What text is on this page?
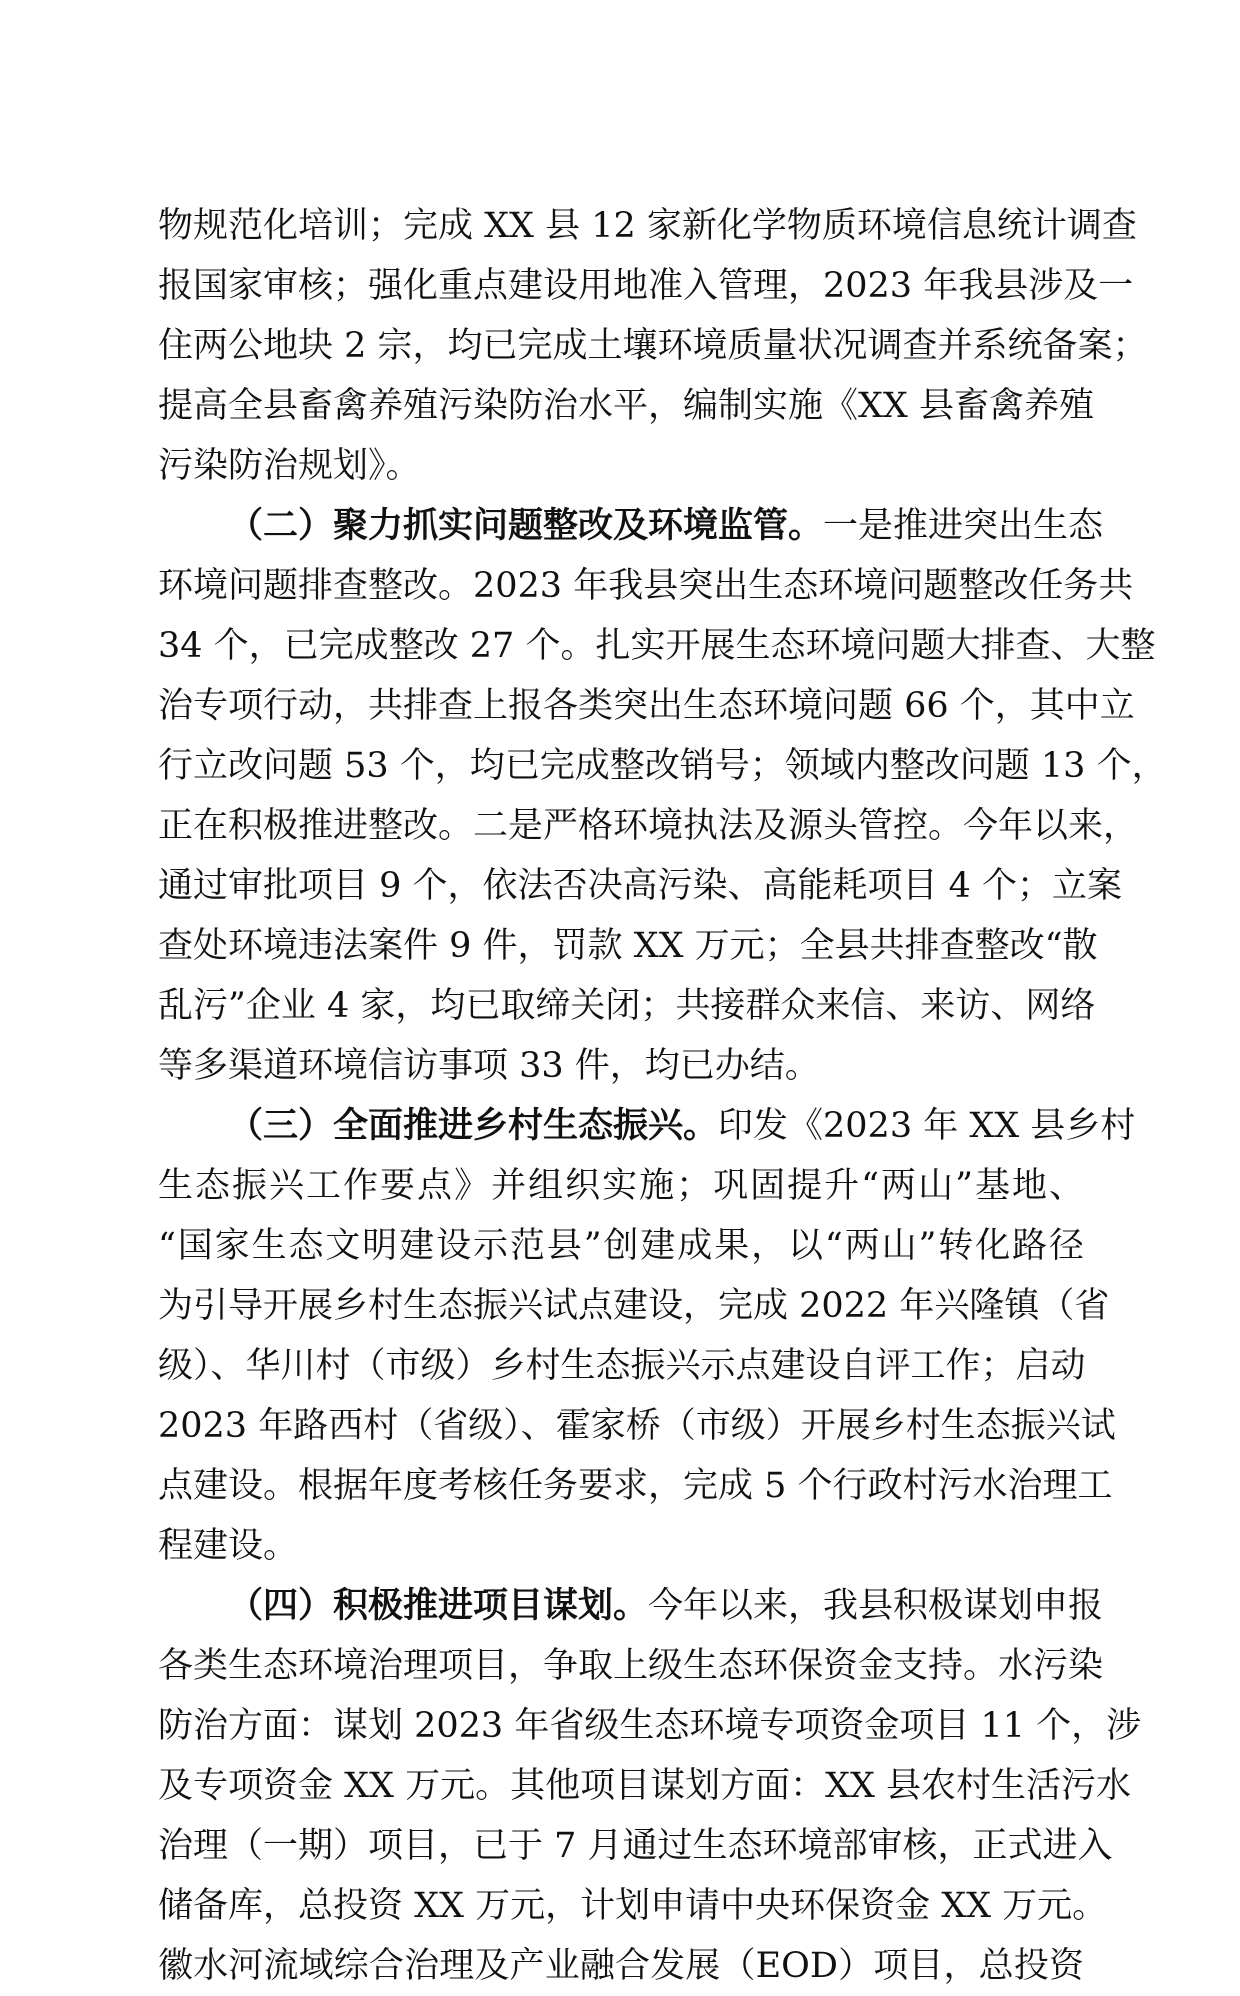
物规范化培训；完成 XX 县 12 家新化学物质环境信息统计调查
报国家审核；强化重点建设用地准入管理，2023 年我县涉及一
住两公地块 2 宗，均已完成土壤环境质量状况调查并系统备案；
提高全县畜禽养殖污染防治水平，编制实施《XX 县畜禽养殖
污染防治规划》。
（二）聚力抓实问题整改及环境监管。一是推进突出生态
环境问题排查整改。2023 年我县突出生态环境问题整改任务共
34 个，已完成整改 27 个。扎实开展生态环境问题大排查、大整
治专项行动，共排查上报各类突出生态环境问题 66 个，其中立
行立改问题 53 个，均已完成整改销号；领域内整改问题 13 个，
正在积极推进整改。二是严格环境执法及源头管控。今年以来，
通过审批项目 9 个，依法否决高污染、高能耗项目 4 个；立案
查处环境违法案件 9 件，罚款 XX 万元；全县共排查整改“散
乱污”企业 4 家，均已取缔关闭；共接群众来信、来访、网络
等多渠道环境信访事项 33 件，均已办结。
（三）全面推进乡村生态振兴。印发《2023 年 XX 县乡村
生态振兴工作要点》并组织实施；巩固提升“两山”基地、
“国家生态文明建设示范县”创建成果，以“两山”转化路径
为引导开展乡村生态振兴试点建设，完成 2022 年兴隆镇（省
级）、华川村（市级）乡村生态振兴示点建设自评工作；启动
2023 年路西村（省级）、霍家桥（市级）开展乡村生态振兴试
点建设。根据年度考核任务要求，完成 5 个行政村污水治理工
程建设。
（四）积极推进项目谋划。今年以来，我县积极谋划申报
各类生态环境治理项目，争取上级生态环保资金支持。水污染
防治方面：谋划 2023 年省级生态环境专项资金项目 11 个，涉
及专项资金 XX 万元。其他项目谋划方面：XX 县农村生活污水
治理（一期）项目，已于 7 月通过生态环境部审核，正式进入
储备库，总投资 XX 万元，计划申请中央环保资金 XX 万元。
徽水河流域综合治理及产业融合发展（EOD）项目，总投资
